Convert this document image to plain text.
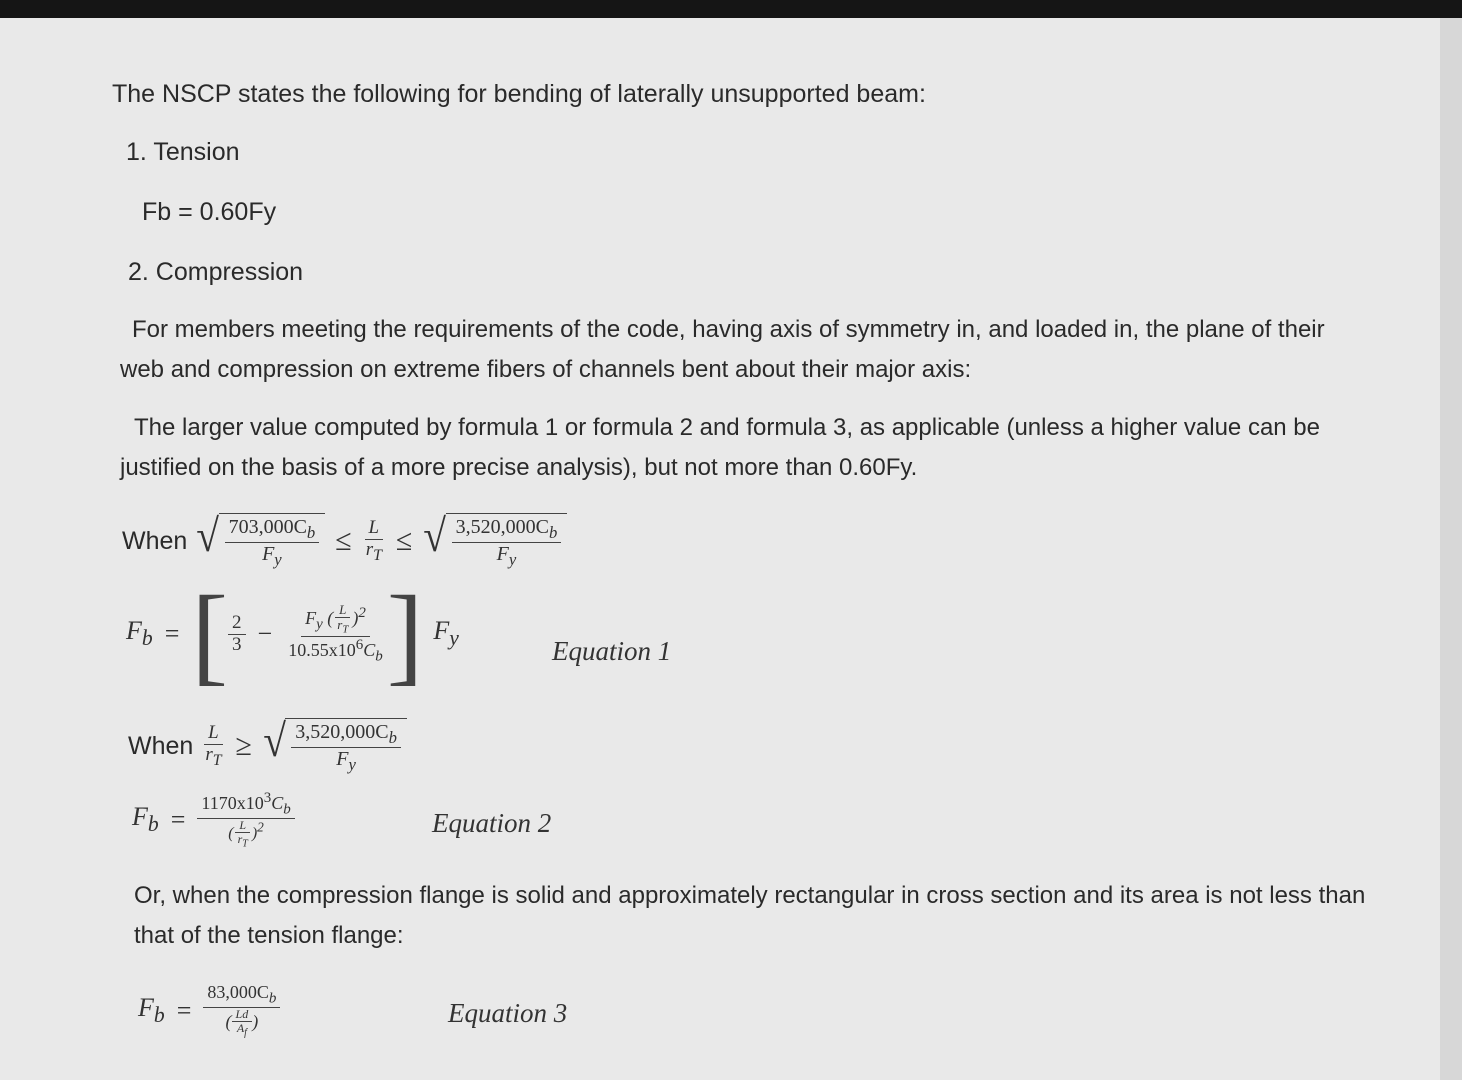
The NSCP states the following for bending of laterally unsupported beam:
1. Tension
Fb = 0.60Fy
2. Compression
For members meeting the requirements of the code, having axis of symmetry in, and loaded in, the plane of their
web and compression on extreme fibers of channels bent about their major axis:
The larger value computed by formula 1 or formula 2 and formula 3, as applicable (unless a higher value can be
justified on the basis of a more precise analysis), but not more than 0.60Fy.
When √ $\frac{703,000C_b}{F_y} \le \frac{L}{r_T}$ ≤ √ $\frac{3,520,000C_b}{F_y}$
$F_b$ = [ $\frac{2}{3} - \frac{F_y ( \frac{L}{r_T} )^2}{10.55x10^6C_b}$ ] $F_y$	Equation 1
When $\frac{L}{r_T}$ ≥ √ $\frac{3,520,000C_b}{F_y}$
$F_b = \frac{1170x10^3C_b}{( \frac{L}{r_T} )^2}$	Equation 2
Or, when the compression flange is solid and approximately rectangular in cross section and its area is not less than
that of the tension flange:
$F_b = \frac{83,000C_b}{( \frac{Ld}{A_f} )}$	Equation 3
